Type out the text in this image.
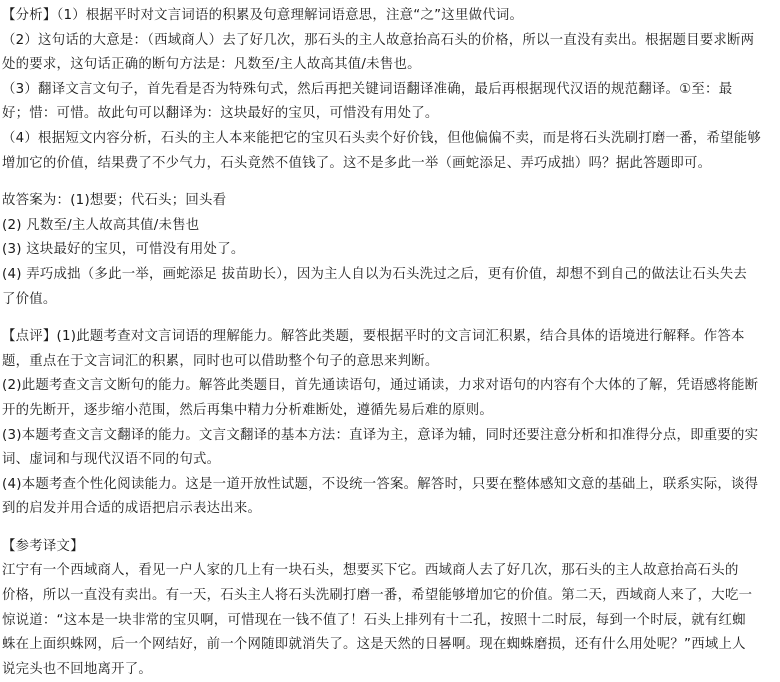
【分析】（1）根据平时对文言词语的积累及句意理解词语意思，注意“之”这里做代词。
（2）这句话的大意是：（西域商人）去了好几次，那石头的主人故意抬高石头的价格，所以一直没有卖出。根据题目要求断两
处的要求，这句话正确的断句方法是：凡数至/主人故高其值/未售也。
（3）翻译文言文句子，首先看是否为特殊句式，然后再把关键词语翻译准确，最后再根据现代汉语的规范翻译。①至：最
好；惜：可惜。故此句可以翻译为：这块最好的宝贝，可惜没有用处了。
（4）根据短文内容分析，石头的主人本来能把它的宝贝石头卖个好价钱，但他偏偏不卖，而是将石头洗刷打磨一番，希望能够
增加它的价值，结果费了不少气力，石头竟然不值钱了。这不是多此一举（画蛇添足、弄巧成拙）吗？据此答题即可。
故答案为：(1)想要；代石头；回头看
(2) 凡数至/主人故高其值/未售也
(3) 这块最好的宝贝，可惜没有用处了。
(4) 弄巧成拙（多此一举，画蛇添足 拔苗助长），因为主人自以为石头洗过之后，更有价值，却想不到自己的做法让石头失去
了价值。
【点评】(1)此题考查对文言词语的理解能力。解答此类题，要根据平时的文言词汇积累，结合具体的语境进行解释。作答本
题，重点在于文言词汇的积累，同时也可以借助整个句子的意思来判断。
(2)此题考查文言文断句的能力。解答此类题目，首先通读语句，通过诵读，力求对语句的内容有个大体的了解，凭语感将能断
开的先断开，逐步缩小范围，然后再集中精力分析难断处，遵循先易后难的原则。
(3)本题考查文言文翻译的能力。文言文翻译的基本方法：直译为主，意译为辅，同时还要注意分析和扣准得分点，即重要的实
词、虚词和与现代汉语不同的句式。
(4)本题考查个性化阅读能力。这是一道开放性试题，不设统一答案。解答时，只要在整体感知文意的基础上，联系实际，谈得
到的启发并用合适的成语把启示表达出来。
【参考译文】
江宁有一个西域商人，看见一户人家的几上有一块石头，想要买下它。西域商人去了好几次，那石头的主人故意抬高石头的
价格，所以一直没有卖出。有一天，石头主人将石头洗刷打磨一番，希望能够增加它的价值。第二天，西域商人来了，大吃一
惊说道：“这本是一块非常的宝贝啊，可惜现在一钱不值了！石头上排列有十二孔，按照十二时辰，每到一个时辰，就有红蜘
蛛在上面织蛛网，后一个网结好，前一个网随即就消失了。这是天然的日晷啊。现在蜘蛛磨损，还有什么用处呢？”西域上人
说完头也不回地离开了。
